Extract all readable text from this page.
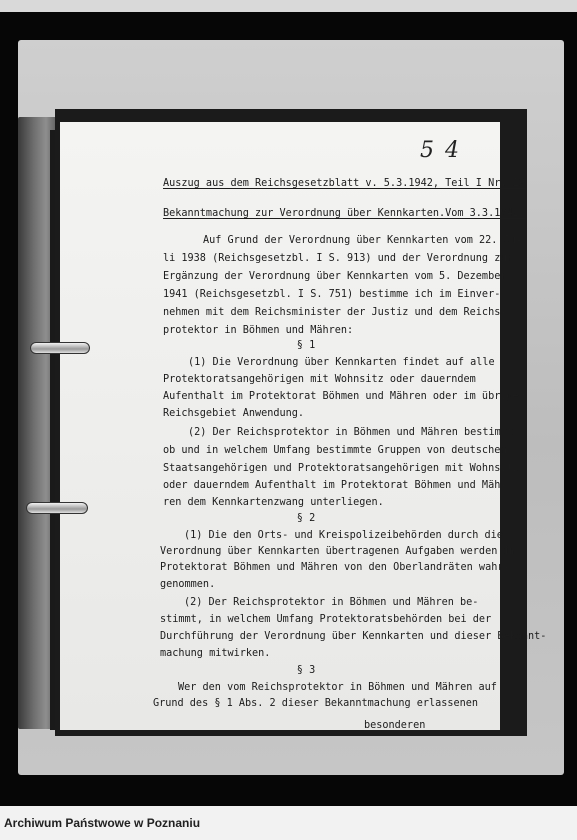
Auszug aus dem Reichsgesetzblatt v. 5.3.1942, Teil I Nr. 19
Bekanntmachung zur Verordnung über Kennkarten.Vom 3.3.1942.
Auf Grund der Verordnung über Kennkarten vom 22. Ju-
li 1938 (Reichsgesetzbl. I S. 913) und der Verordnung zur
Ergänzung der Verordnung über Kennkarten vom 5. Dezember
1941 (Reichsgesetzbl. I S. 751) bestimme ich im Einver-
nehmen mit dem Reichsminister der Justiz und dem Reichs-
protektor in Böhmen und Mähren:
§ 1
(1) Die Verordnung über Kennkarten findet auf alle
Protektoratsangehörigen mit Wohnsitz oder dauerndem
Aufenthalt im Protektorat Böhmen und Mähren oder im übrigen
Reichsgebiet Anwendung.
(2) Der Reichsprotektor in Böhmen und Mähren bestimmt,
ob und in welchem Umfang bestimmte Gruppen von deutschen
Staatsangehörigen und Protektoratsangehörigen mit Wohnsitz
oder dauerndem Aufenthalt im Protektorat Böhmen und Mäh-
ren dem Kennkartenzwang unterliegen.
§ 2
(1) Die den Orts- und Kreispolizeibehörden durch die
Verordnung über Kennkarten übertragenen Aufgaben werden im
Protektorat Böhmen und Mähren von den Oberlandräten wahr-
genommen.
(2) Der Reichsprotektor in Böhmen und Mähren be-
stimmt, in welchem Umfang Protektoratsbehörden bei der
Durchführung der Verordnung über Kennkarten und dieser Bekannt-
machung mitwirken.
§ 3
Wer den vom Reichsprotektor in Böhmen und Mähren auf
Grund des § 1 Abs. 2 dieser Bekanntmachung erlassenen
besonderen
5 4
Archiwum Państwowe w Poznaniu
